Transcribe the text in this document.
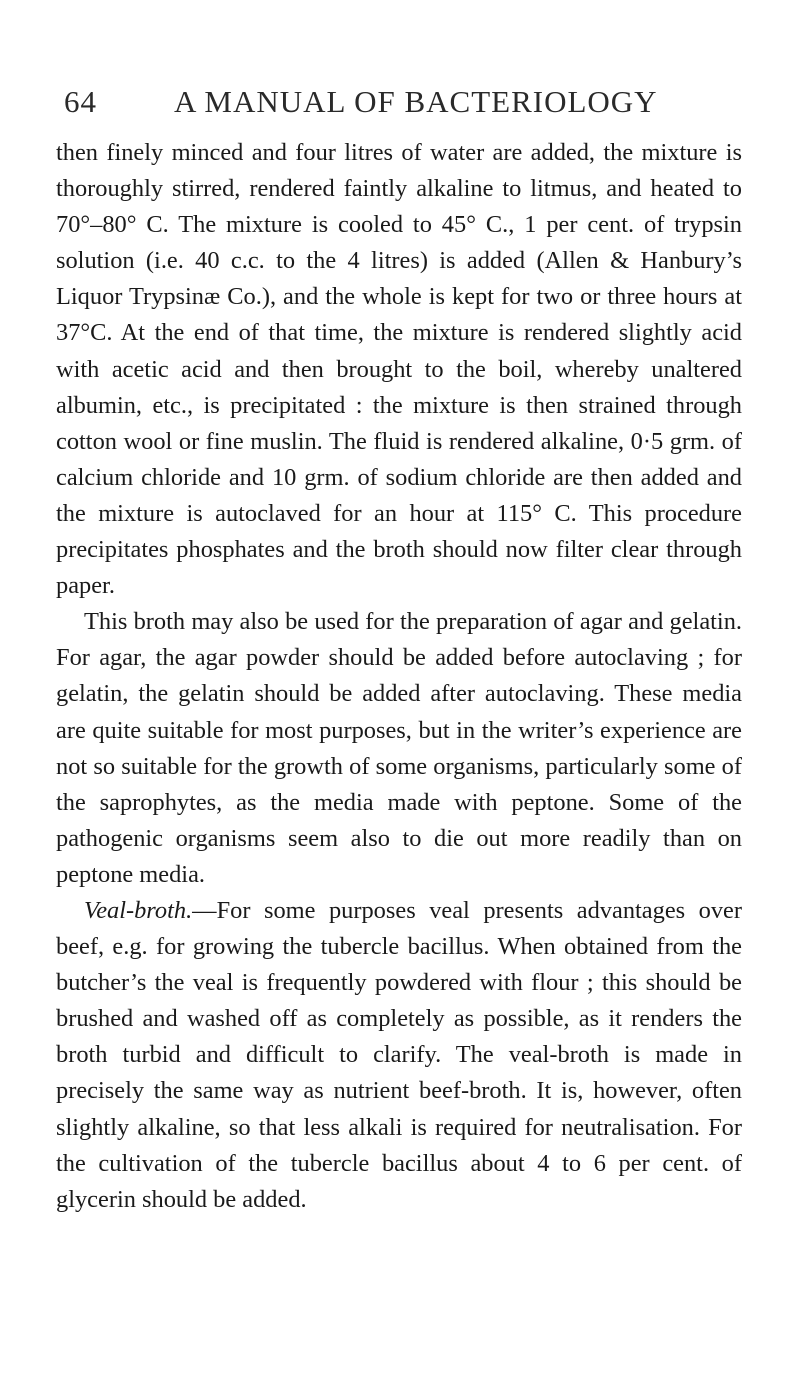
64 A MANUAL OF BACTERIOLOGY

then finely minced and four litres of water are added, the mixture is thoroughly stirred, rendered faintly alkaline to litmus, and heated to 70°–80° C. The mixture is cooled to 45° C., 1 per cent. of trypsin solution (i.e. 40 c.c. to the 4 litres) is added (Allen & Hanbury’s Liquor Trypsinæ Co.), and the whole is kept for two or three hours at 37°C. At the end of that time, the mixture is rendered slightly acid with acetic acid and then brought to the boil, whereby unaltered albumin, etc., is precipitated : the mixture is then strained through cotton wool or fine muslin. The fluid is rendered alkaline, 0·5 grm. of calcium chloride and 10 grm. of sodium chloride are then added and the mixture is autoclaved for an hour at 115° C. This procedure precipitates phosphates and the broth should now filter clear through paper.

This broth may also be used for the preparation of agar and gelatin. For agar, the agar powder should be added before autoclaving ; for gelatin, the gelatin should be added after autoclaving. These media are quite suitable for most purposes, but in the writer’s experience are not so suitable for the growth of some organisms, particularly some of the saprophytes, as the media made with peptone. Some of the pathogenic organisms seem also to die out more readily than on peptone media.

Veal-broth.—For some purposes veal presents advantages over beef, e.g. for growing the tubercle bacillus. When obtained from the butcher’s the veal is frequently powdered with flour ; this should be brushed and washed off as completely as possible, as it renders the broth turbid and difficult to clarify. The veal-broth is made in precisely the same way as nutrient beef-broth. It is, however, often slightly alkaline, so that less alkali is required for neutralisation. For the cultivation of the tubercle bacillus about 4 to 6 per cent. of glycerin should be added.
